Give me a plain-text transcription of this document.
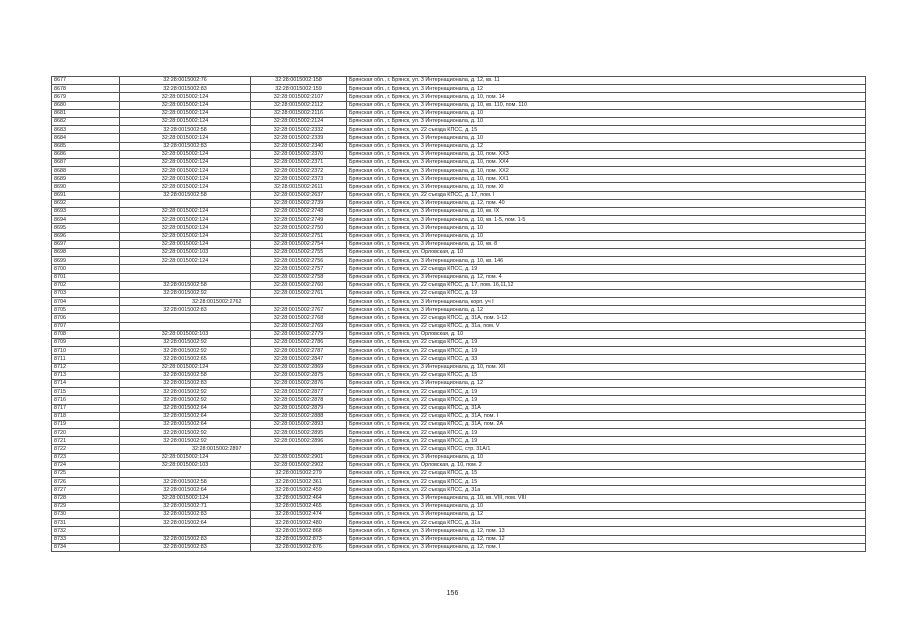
8677	32:28:0015002:76	32:28:0015002:158	Брянская обл., г. Брянск, ул. 3 Интернационала, д. 12, кв. 11
8678	32:28:0015002:83	32:28:0015002:159	Брянская обл., г. Брянск, ул. 3 Интернационала, д. 12
8679	32:28:0015002:124	32:28:0015002:2107	Брянская обл., г. Брянск, ул. 3 Интернационала, д. 10, пом. 14
8680	32:28:0015002:124	32:28:0015002:2112	Брянская обл., г. Брянск, ул. 3 Интернационала, д. 10, кв. 110, пом. 110
8681	32:28:0015002:124	32:28:0015002:2116	Брянская обл., г. Брянск, ул. 3 Интернационала, д. 10
8682	32:28:0015002:124	32:28:0015002:2124	Брянская обл., г. Брянск, ул. 3 Интернационала, д. 10
8683	32:28:0015002:58	32:28:0015002:2332	Брянская обл., г. Брянск, ул. 22 съезда КПСС, д. 15
8684	32:28:0015002:124	32:28:0015002:2339	Брянская обл., г. Брянск, ул. 3 Интернационала, д. 10
8685	32:28:0015002:83	32:28:0015002:2340	Брянская обл., г. Брянск, ул. 3 Интернационала, д. 12
8686	32:28:0015002:124	32:28:0015002:2370	Брянская обл., г. Брянск, ул. 3 Интернационала, д. 10, пом. XX3
8687	32:28:0015002:124	32:28:0015002:2371	Брянская обл., г. Брянск, ул. 3 Интернационала, д. 10, пом. XX4
8688	32:28:0015002:124	32:28:0015002:2372	Брянская обл., г. Брянск, ул. 3 Интернационала, д. 10, пом. XX2
8689	32:28:0015002:124	32:28:0015002:2373	Брянская обл., г. Брянск, ул. 3 Интернационала, д. 10, пом. XX1
8690	32:28:0015002:124	32:28:0015002:2611	Брянская обл., г. Брянск, ул. 3 Интернационала, д. 10, пом. XI
8691	32:28:0015002:58	32:28:0015002:2637	Брянская обл., г. Брянск, ул. 22 съезда КПСС, д. 17, пом. I
8692		32:28:0015002:2739	Брянская обл., г. Брянск, ул. 3 Интернационала, д. 12, пом. 40
8693	32:28:0015002:124	32:28:0015002:2748	Брянская обл., г. Брянск, ул. 3 Интернационала, д. 10, кв. IX
8694	32:28:0015002:124	32:28:0015002:2749	Брянская обл., г. Брянск, ул. 3 Интернационала, д. 10, кв. 1-5, пом. 1-5
8695	32:28:0015002:124	32:28:0015002:2750	Брянская обл., г. Брянск, ул. 3 Интернационала, д. 10
8696	32:28:0015002:124	32:28:0015002:2751	Брянская обл., г. Брянск, ул. 3 Интернационала, д. 10
8697	32:28:0015002:124	32:28:0015002:2754	Брянская обл., г. Брянск, ул. 3 Интернационала, д. 10, кв. 8
8698	32:28:0015002:103	32:28:0015002:2755	Брянская обл., г. Брянск, ул. Орловская, д. 10
8699	32:28:0015002:124	32:28:0015002:2756	Брянская обл., г. Брянск, ул. 3 Интернационала, д. 10, кв. 146
8700		32:28:0015002:2757	Брянская обл., г. Брянск, ул. 22 съезда КПСС, д. 19
8701		32:28:0015002:2758	Брянская обл., г. Брянск, ул. 3 Интернационала, д. 12, пом. 4
8702	32:28:0015002:58	32:28:0015002:2760	Брянская обл., г. Брянск, ул. 22 съезда КПСС, д. 17, пом. 16,11,12
8703	32:28:0015002:92	32:28:0015002:2761	Брянская обл., г. Брянск, ул. 22 съезда КПСС, д. 19
8704	32:28:0015002:2762		Брянская обл., г. Брянск, ул. 3 Интернационала, корп. уч I
8705	32:28:0015002:83	32:28:0015002:2767	Брянская обл., г. Брянск, ул. 3 Интернационала, д. 12
8706		32:28:0015002:2768	Брянская обл., г. Брянск, ул. 22 съезда КПСС, д. 31А, пом. 1-12
8707		32:28:0015002:2769	Брянская обл., г. Брянск, ул. 22 съезда КПСС, д. 31а, пом. V
8708	32:28:0015002:103	32:28:0015002:2779	Брянская обл., г. Брянск, ул. Орловская, д. 10
8709	32:28:0015002:92	32:28:0015002:2786	Брянская обл., г. Брянск, ул. 22 съезда КПСС, д. 19
8710	32:28:0015002:92	32:28:0015002:2787	Брянская обл., г. Брянск, ул. 22 съезда КПСС, д. 19
8711	32:28:0015002:65	32:28:0015002:2847	Брянская обл., г. Брянск, ул. 22 съезда КПСС, д. 33
8712	32:28:0015002:124	32:28:0015002:2869	Брянская обл., г. Брянск, ул. 3 Интернационала, д. 10, пом. XII
8713	32:28:0015002:58	32:28:0015002:2875	Брянская обл., г. Брянск, ул. 22 съезда КПСС, д. 15
8714	32:28:0015002:83	32:28:0015002:2876	Брянская обл., г. Брянск, ул. 3 Интернационала, д. 12
8715	32:28:0015002:92	32:28:0015002:2877	Брянская обл., г. Брянск, ул. 22 съезда КПСС, д. 19
8716	32:28:0015002:92	32:28:0015002:2878	Брянская обл., г. Брянск, ул. 22 съезда КПСС, д. 19
8717	32:28:0015002:64	32:28:0015002:2879	Брянская обл., г. Брянск, ул. 22 съезда КПСС, д. 31А
8718	32:28:0015002:64	32:28:0015002:2888	Брянская обл., г. Брянск, ул. 22 съезда КПСС, д. 31А, пом. I
8719	32:28:0015002:64	32:28:0015002:2893	Брянская обл., г. Брянск, ул. 22 съезда КПСС, д. 31А, пом. 2А
8720	32:28:0015002:92	32:28:0015002:2895	Брянская обл., г. Брянск, ул. 22 съезда КПСС, д. 19
8721	32:28:0015002:92	32:28:0015002:2896	Брянская обл., г. Брянск, ул. 22 съезда КПСС, д. 19
8722	32:28:0015002:2897		Брянская обл., г. Брянск, ул. 22 съезда КПСС, стр. 31А/1
8723	32:28:0015002:124	32:28:0015002:2901	Брянская обл., г. Брянск, ул. 3 Интернационала, д. 10
8724	32:28:0015002:103	32:28:0015002:2902	Брянская обл., г. Брянск, ул. Орловская, д. 10, пом. 2
8725		32:28:0015002:279	Брянская обл., г. Брянск, ул. 22 съезда КПСС, д. 15
8726	32:28:0015002:58	32:28:0015002:361	Брянская обл., г. Брянск, ул. 22 съезда КПСС, д. 15
8727	32:28:0015002:64	32:28:0015002:459	Брянская обл., г. Брянск, ул. 22 съезда КПСС, д. 31а
8728	32:28:0015002:124	32:28:0015002:464	Брянская обл., г. Брянск, ул. 3 Интернационала, д. 10, кв. VIII, пом. VIII
8729	32:28:0015002:71	32:28:0015002:465	Брянская обл., г. Брянск, ул. 3 Интернационала, д. 10
8730	32:28:0015002:83	32:28:0015002:474	Брянская обл., г. Брянск, ул. 3 Интернационала, д. 12
8731	32:28:0015002:64	32:28:0015002:480	Брянская обл., г. Брянск, ул. 22 съезда КПСС, д. 31а
8732		32:28:0015002:868	Брянская обл., г. Брянск, ул. 3 Интернационала, д. 12, пом. 13
8733	32:28:0015002:83	32:28:0015002:873	Брянская обл., г. Брянск, ул. 3 Интернационала, д. 12, пом. 12
8734	32:28:0015002:83	32:28:0015002:876	Брянская обл., г. Брянск, ул. 3 Интернационала, д. 12, пом. I
156
